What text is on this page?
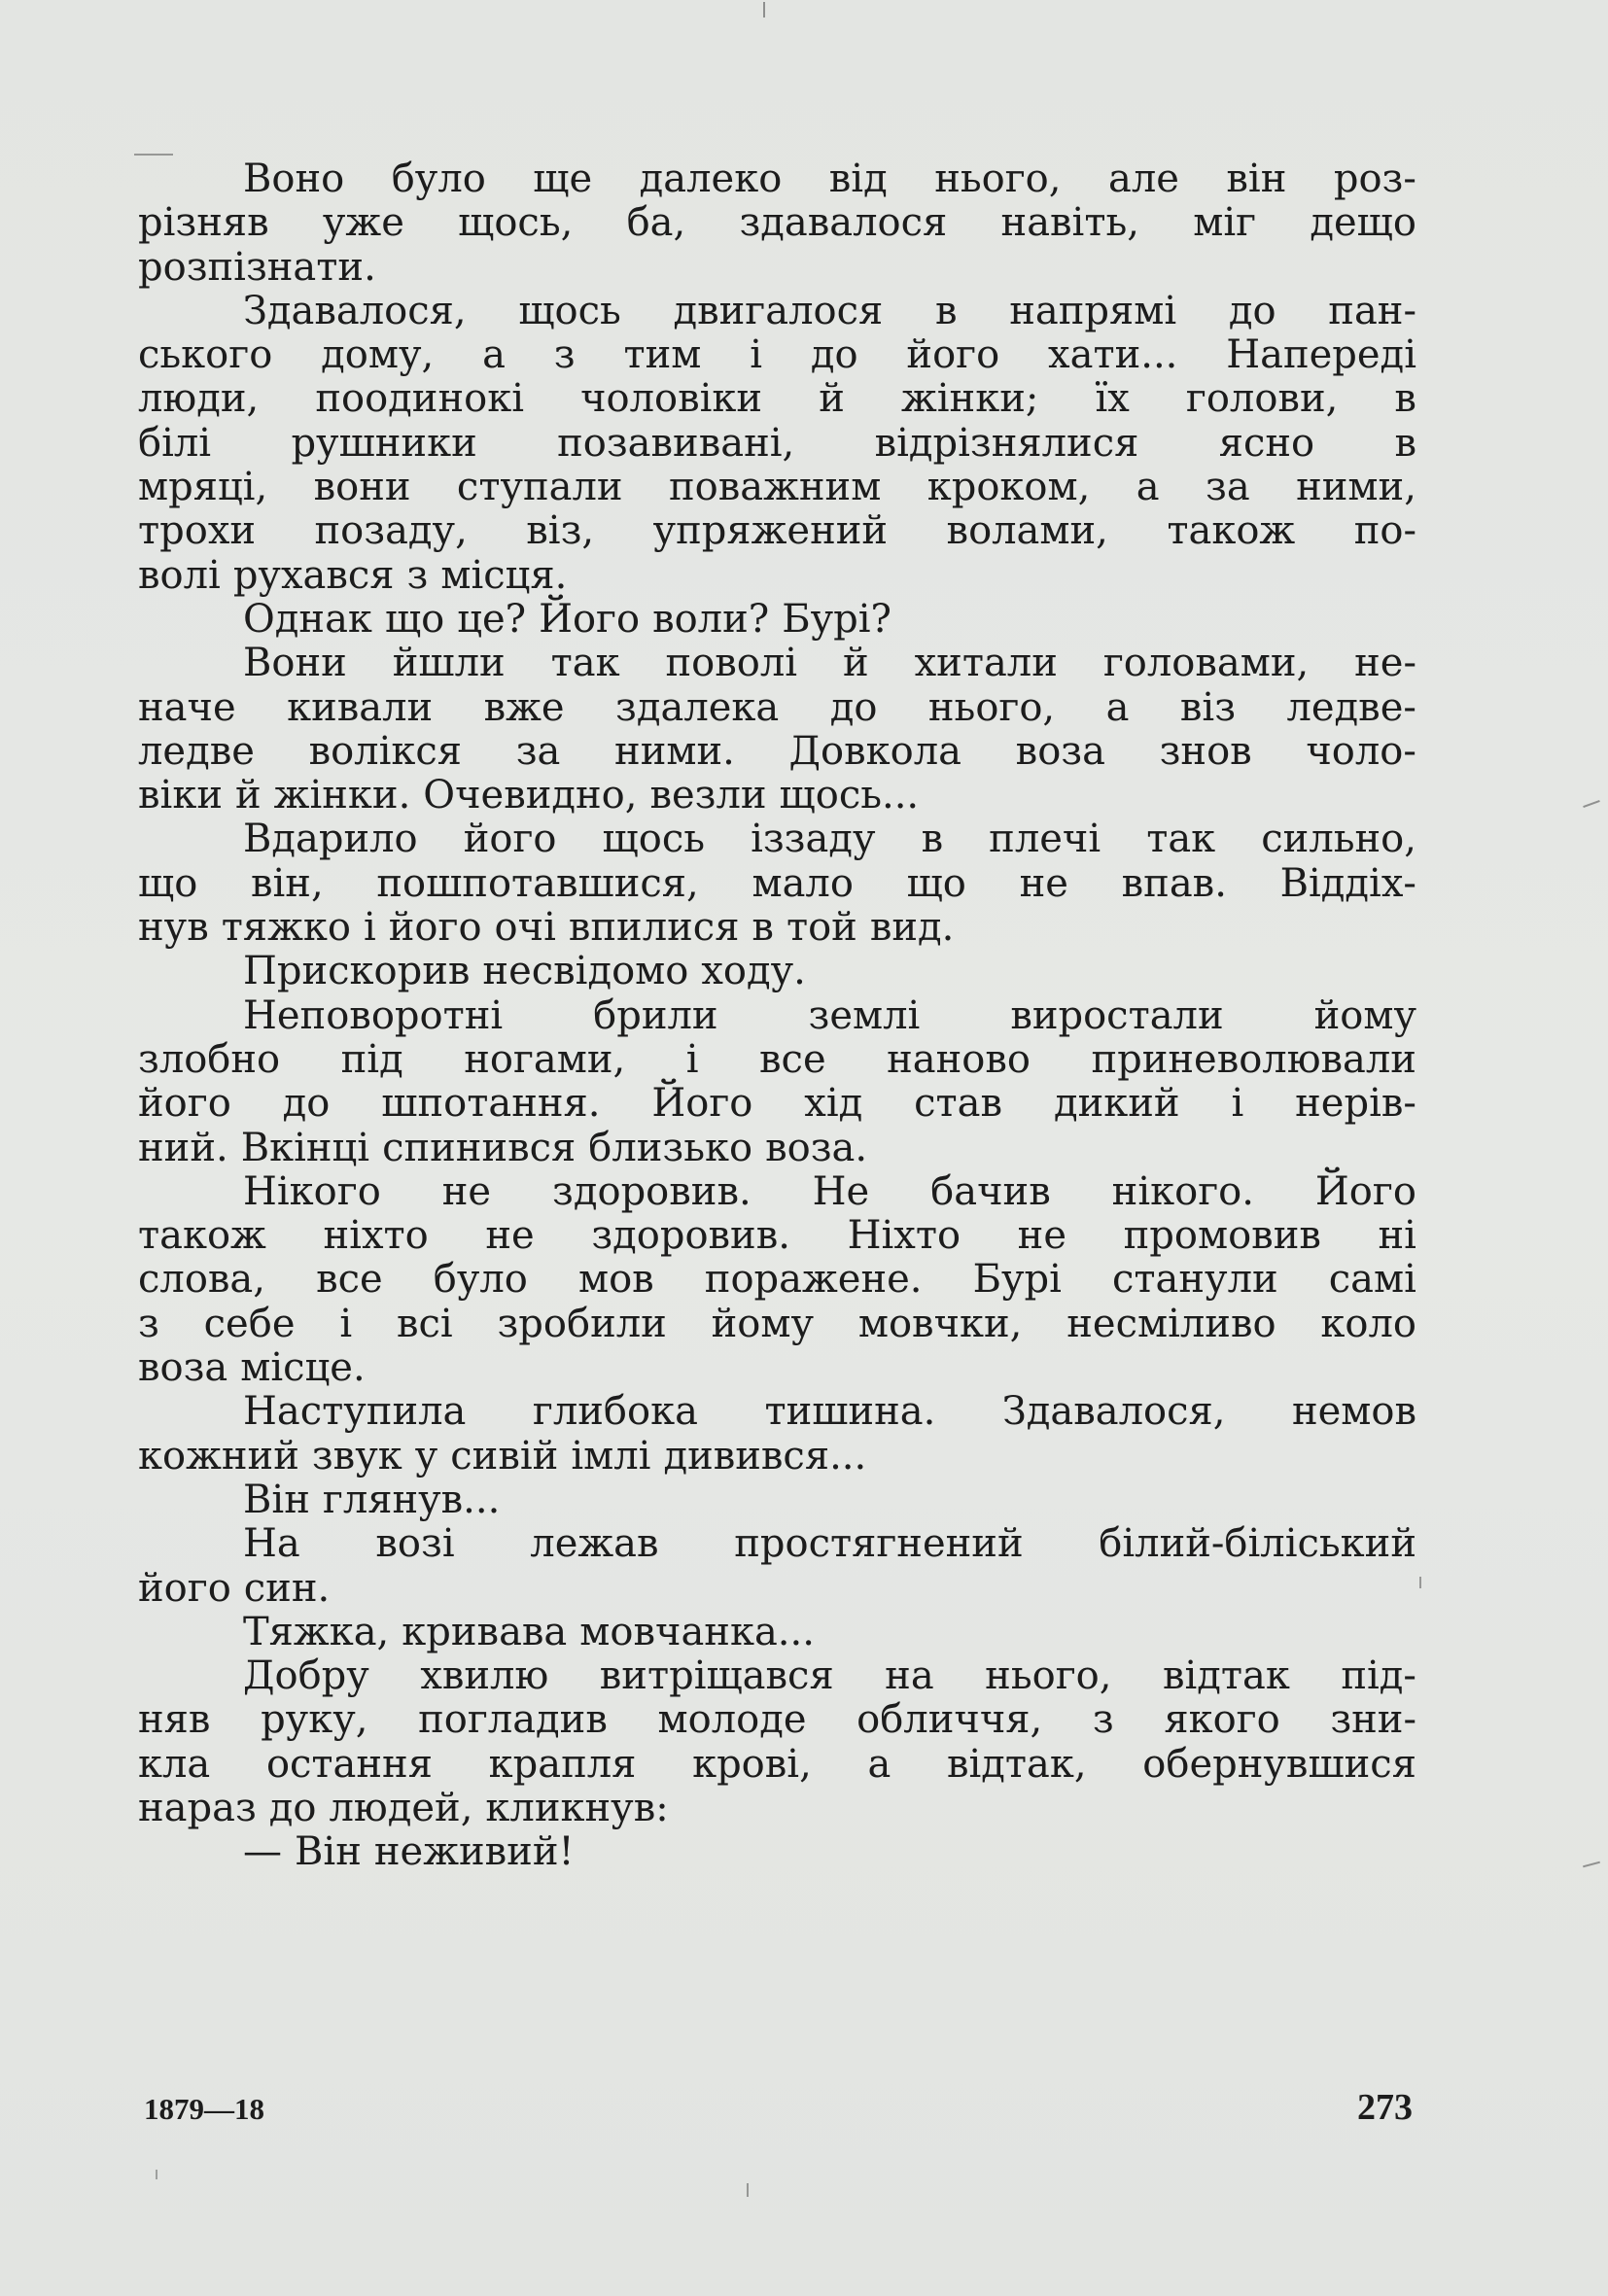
Воно було ще далеко від нього, але він роз-
різняв уже щось, ба, здавалося навіть, міг дещо
розпізнати.
Здавалося, щось двигалося в напрямі до пан-
ського дому, а з тим і до його хати... Напереді
люди, поодинокі чоловіки й жінки; їх голови, в
білі рушники позавивані, відрізнялися ясно в
мряці, вони ступали поважним кроком, а за ними,
трохи позаду, віз, упряжений волами, також по-
волі рухався з місця.
Однак що це? Його воли? Бурі?
Вони йшли так поволі й хитали головами, не-
наче кивали вже здалека до нього, а віз ледве-
ледве волікся за ними. Довкола воза знов чоло-
віки й жінки. Очевидно, везли щось...
Вдарило його щось іззаду в плечі так сильно,
що він, пошпотавшися, мало що не впав. Віддіх-
нув тяжко і його очі впилися в той вид.
Прискорив несвідомо ходу.
Неповоротні брили землі виростали йому
злобно під ногами, і все наново приневолювали
його до шпотання. Його хід став дикий і нерів-
ний. Вкінці спинився близько воза.
Нікого не здоровив. Не бачив нікого. Його
також ніхто не здоровив. Ніхто не промовив ні
слова, все було мов поражене. Бурі станули самі
з себе і всі зробили йому мовчки, несміливо коло
воза місце.
Наступила глибока тишина. Здавалося, немов
кожний звук у сивій імлі дивився...
Він глянув...
На возі лежав простягнений білий-біліський
його син.
Тяжка, кривава мовчанка...
Добру хвилю витріщався на нього, відтак під-
няв руку, погладив молоде обличчя, з якого зни-
кла остання крапля крові, а відтак, обернувшися
нараз до людей, кликнув:
— Він неживий!
1879—18	273
